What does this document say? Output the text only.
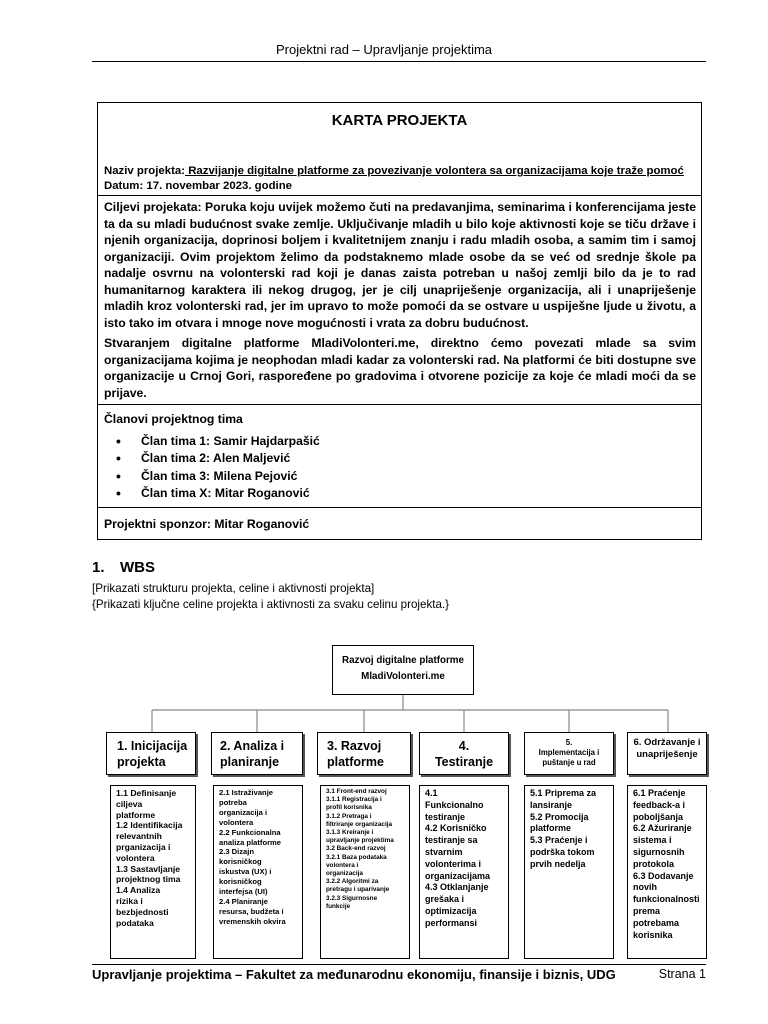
Projektni rad – Upravljanje projektima
KARTA PROJEKTA
Naziv projekta: Razvijanje digitalne platforme za povezivanje volontera sa organizacijama koje traže pomoć
Datum: 17. novembar 2023. godine

Ciljevi projekata: Poruka koju uvijek možemo čuti na predavanjima, seminarima i konferencijama jeste ta da su mladi budućnost svake zemlje. Uključivanje mladih u bilo koje aktivnosti koje se tiču države i njenih organizacija, doprinosi boljem i kvalitetnijem znanju i radu mladih osoba, a samim tim i samoj organizaciji. Ovim projektom želimo da podstaknemo mlade osobe da se već od srednje škole pa nadalje osvrnu na volonterski rad koji je danas zaista potreban u našoj zemlji bilo da je to rad humanitarnog karaktera ili nekog drugog, jer je cilj unapriješenje organizacija, ali i unapriješenje mladih kroz volonterski rad, jer im upravo to može pomoći da se ostvare u uspiješne ljude u životu, a isto tako im otvara i mnoge nove mogućnosti i vrata za dobru budućnost.

Stvaranjem digitalne platforme MladiVolonteri.me, direktno ćemo povezati mlade sa svim organizacijama kojima je neophodan mladi kadar za volonterski rad. Na platformi će biti dostupne sve organizacije u Crnoj Gori, raspoređene po gradovima i otvorene pozicije za koje će mladi moći da se prijave.

Članovi projektnog tima
• Član tima 1: Samir Hajdarpašić
• Član tima 2: Alen Maljević
• Član tima 3: Milena Pejović
• Član tima X: Mitar Roganović
Projektni sponzor: Mitar Roganović
1. WBS
[Prikazati strukturu projekta, celine i aktivnosti projekta]
{Prikazati ključne celine projekta i aktivnosti za svaku celinu projekta.}
Razvoj digitalne platforme
MladiVolonteri.me
1. Inicijacija
projekta
2. Analiza i
planiranje
3. Razvoj
platforme
4.
Testiranje
5.
Implementacija i
puštanje u rad
6. Održavanje i
unapriješenje
1.1 Definisanje
ciljeva
platforme
1.2 Identifikacija
relevantnih
prganizacija i
volontera
1.3 Sastavljanje
projektnog tima
1.4 Analiza
rizika i
bezbjednosti
podataka
2.1 Istraživanje
potreba
organizacija i
volontera
2.2 Funkcionalna
analiza platforme
2.3 Dizajn
korisničkog
iskustva (UX) i
korisničkog
interfejsa (UI)
2.4 Planiranje
resursa, budžeta i
vremenskih okvira
3.1 Front-end razvoj
3.1.1 Registracija i
profil korisnika
3.1.2 Pretraga i
filtriranje organizacija
3.1.3 Kreiranje i
upravljanje projektima
3.2 Back-end razvoj
3.2.1 Baza podataka
volontera i
organizacija
3.2.2 Algoritmi za
pretragu i uparivanje
3.2.3 Sigurnosne
funkcije
4.1
Funkcionalno
testiranje
4.2 Korisničko
testiranje sa
stvarnim
volonterima i
organizacijama
4.3 Otklanjanje
grešaka i
optimizacija
performansi
5.1 Priprema za
lansiranje
5.2 Promocija
platforme
5.3 Praćenje i
podrška tokom
prvih nedelja
6.1 Praćenje
feedback-a i
poboljšanja
6.2 Ažuriranje
sistema i
sigurnosnih
protokola
6.3 Dodavanje
novih
funkcionalnosti
prema
potrebama
korisnika
Upravljanje projektima – Fakultet za međunarodnu ekonomiju, finansije i biznis, UDG	Strana 1
